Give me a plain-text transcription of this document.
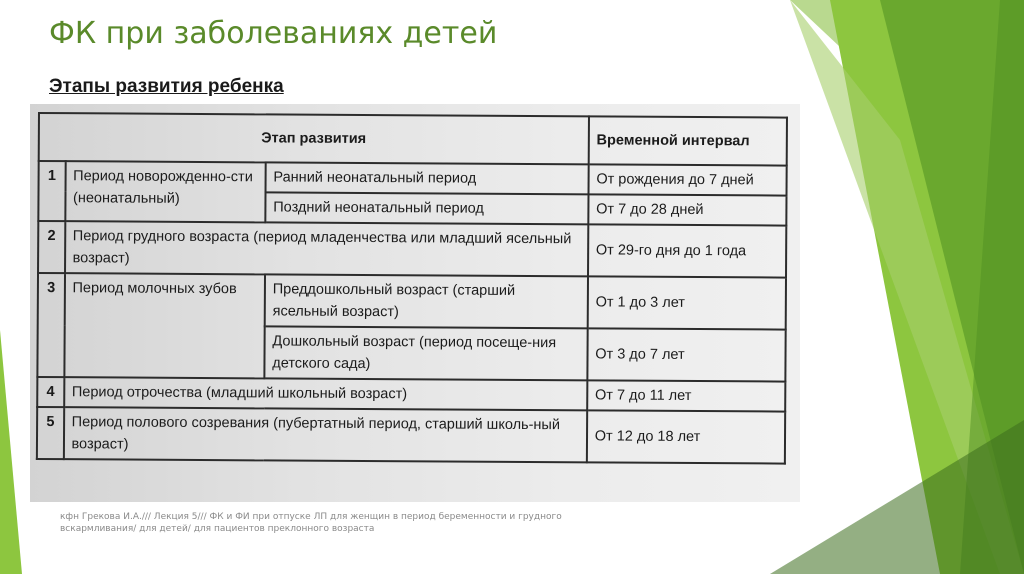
ФК при заболеваниях детей
Этапы развития ребенка
Этап развития			Временной интервал
1	Период новорожденно-сти (неонатальный)	Ранний неонатальный период	От рождения до 7 дней
		Поздний неонатальный период	От 7 до 28 дней
2	Период грудного возраста (период младенчества или младший ясельный возраст)		От 29-го дня до 1 года
3	Период молочных зубов	Преддошкольный возраст (старший ясельный возраст)	От 1 до 3 лет
		Дошкольный возраст (период посеще-ния детского сада)	От 3 до 7 лет
4	Период отрочества (младший школьный возраст)		От 7 до 11 лет
5	Период полового созревания (пубертатный период, старший школь-ный возраст)		От 12 до 18 лет

кфн Грекова И.А./// Лекция 5/// ФК и ФИ при отпуске ЛП для женщин в период беременности и грудного вскармливания/ для детей/ для пациентов преклонного возраста
